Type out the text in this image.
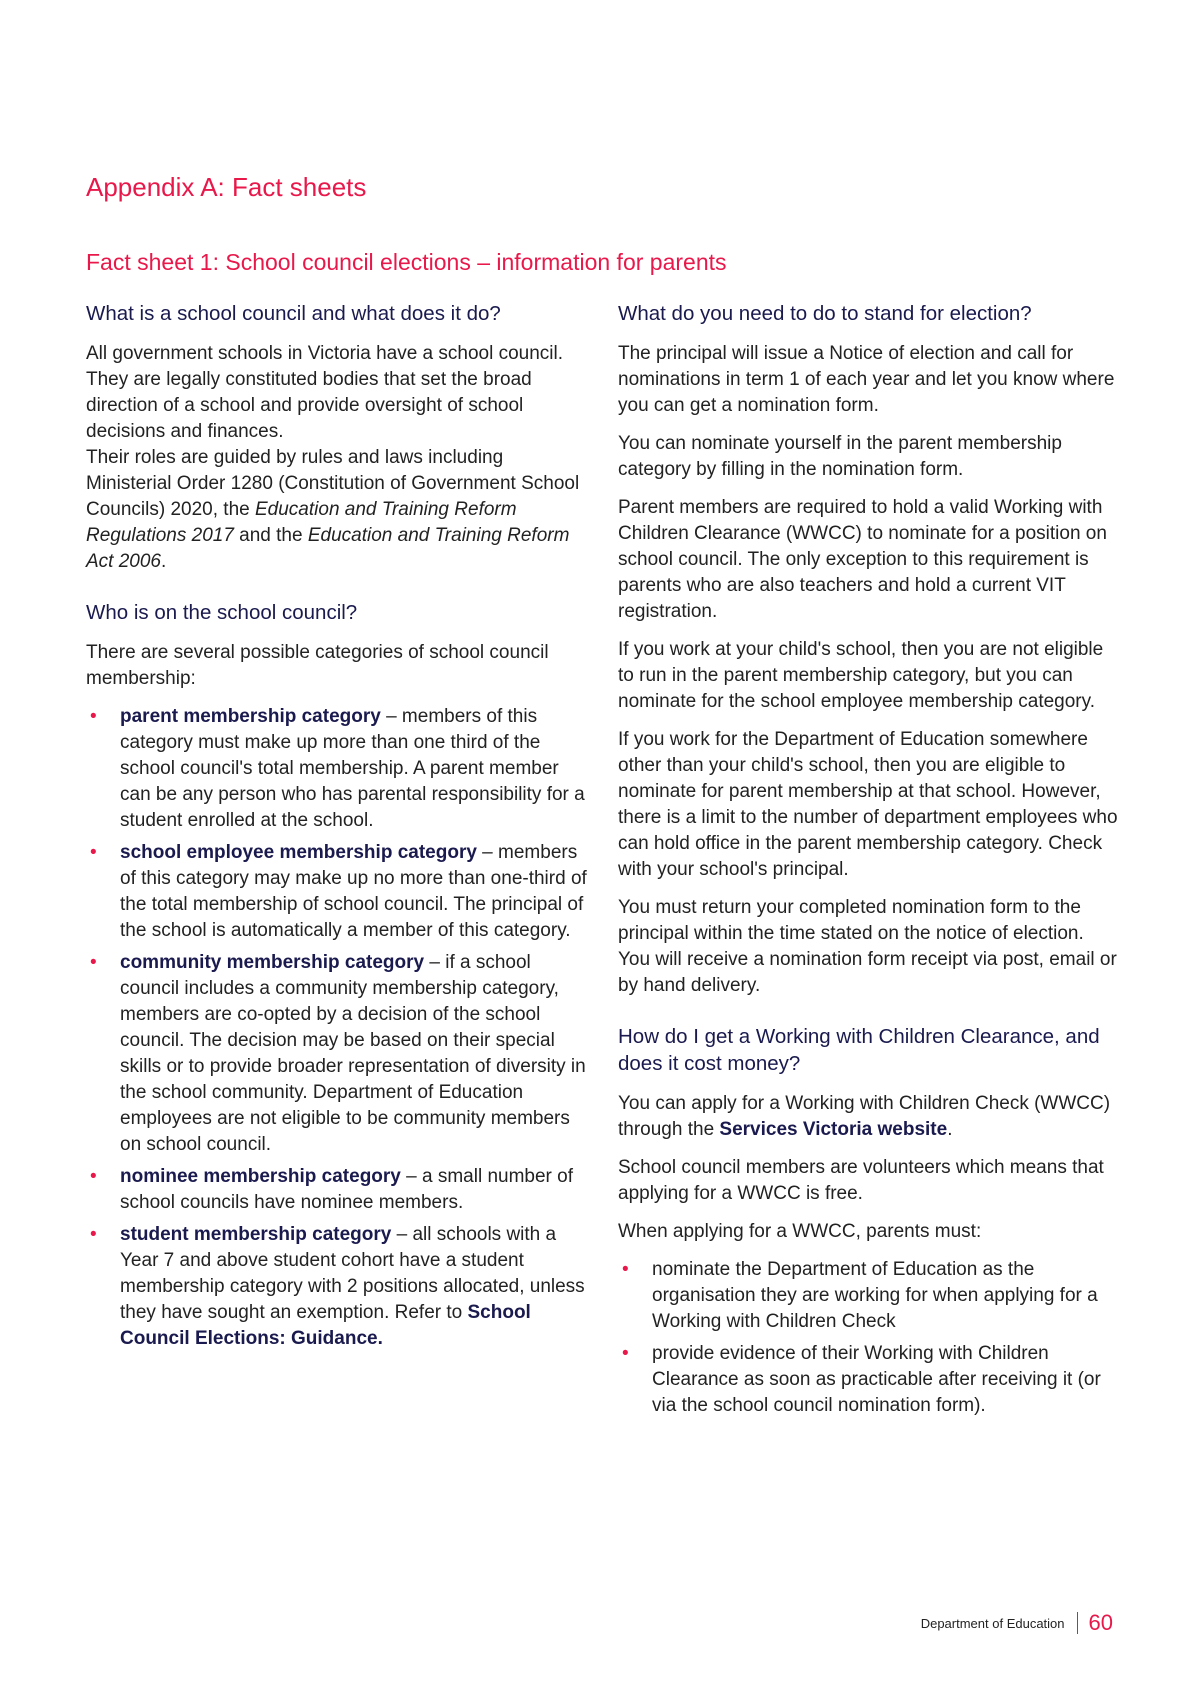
Appendix A: Fact sheets
Fact sheet 1: School council elections – information for parents
What is a school council and what does it do?

All government schools in Victoria have a school council. They are legally constituted bodies that set the broad direction of a school and provide oversight of school decisions and finances.

Their roles are guided by rules and laws including Ministerial Order 1280 (Constitution of Government School Councils) 2020, the Education and Training Reform Regulations 2017 and the Education and Training Reform Act 2006.

Who is on the school council?

There are several possible categories of school council membership:

• parent membership category – members of this category must make up more than one third of the school council's total membership. A parent member can be any person who has parental responsibility for a student enrolled at the school.
• school employee membership category – members of this category may make up no more than one-third of the total membership of school council. The principal of the school is automatically a member of this category.
• community membership category – if a school council includes a community membership category, members are co-opted by a decision of the school council. The decision may be based on their special skills or to provide broader representation of diversity in the school community. Department of Education employees are not eligible to be community members on school council.
• nominee membership category – a small number of school councils have nominee members.
• student membership category – all schools with a Year 7 and above student cohort have a student membership category with 2 positions allocated, unless they have sought an exemption. Refer to School Council Elections: Guidance.
What do you need to do to stand for election?

The principal will issue a Notice of election and call for nominations in term 1 of each year and let you know where you can get a nomination form.

You can nominate yourself in the parent membership category by filling in the nomination form.

Parent members are required to hold a valid Working with Children Clearance (WWCC) to nominate for a position on school council. The only exception to this requirement is parents who are also teachers and hold a current VIT registration.

If you work at your child's school, then you are not eligible to run in the parent membership category, but you can nominate for the school employee membership category.

If you work for the Department of Education somewhere other than your child's school, then you are eligible to nominate for parent membership at that school. However, there is a limit to the number of department employees who can hold office in the parent membership category. Check with your school's principal.

You must return your completed nomination form to the principal within the time stated on the notice of election. You will receive a nomination form receipt via post, email or by hand delivery.

How do I get a Working with Children Clearance, and does it cost money?

You can apply for a Working with Children Check (WWCC) through the Services Victoria website.

School council members are volunteers which means that applying for a WWCC is free.

When applying for a WWCC, parents must:

• nominate the Department of Education as the organisation they are working for when applying for a Working with Children Check
• provide evidence of their Working with Children Clearance as soon as practicable after receiving it (or via the school council nomination form).
Department of Education 60
